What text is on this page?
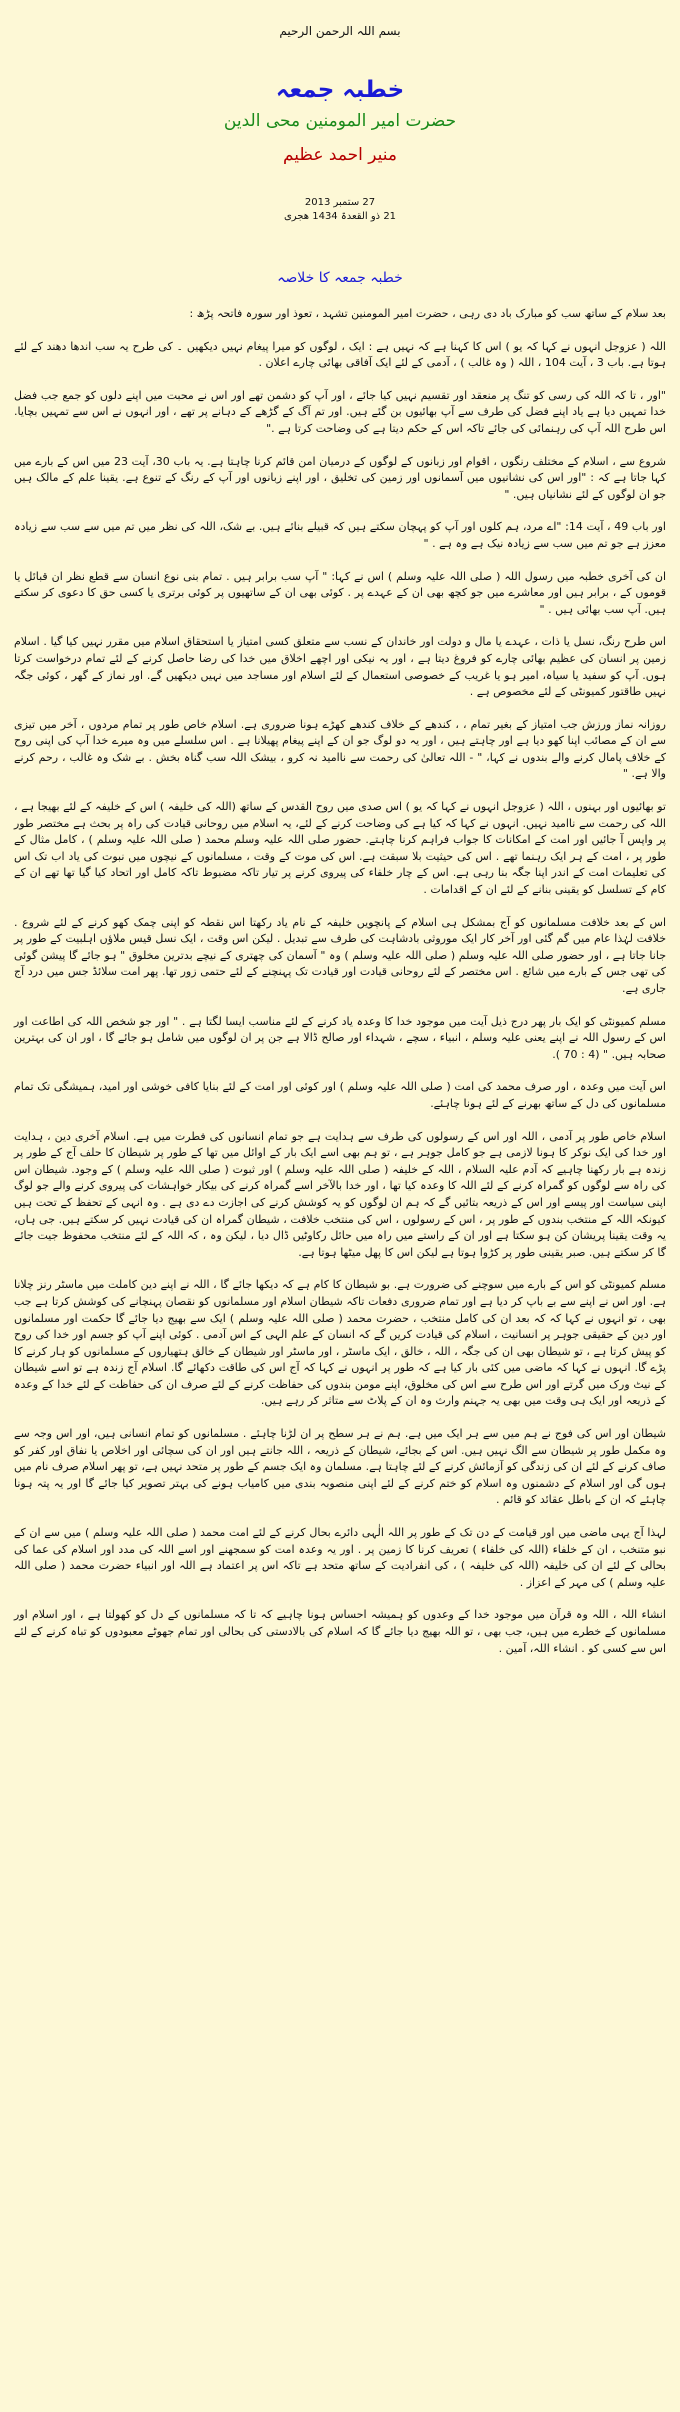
بسم اللہ الرحمن الرحیم
خطبہ جمعہ
حضرت امیر المومنین محی الدین
منیر احمد عظیم
27 ستمبر 2013
21 ذو القعدۃ 1434 ھجری
خطبہ جمعہ کا خلاصہ

بعد سلام کے ساتھ سب کو مبارک باد دی رہی ، حضرت امیر المومنین تشہد ، تعوذ اور سورہ فاتحہ پڑھ :

اللہ ( عزوجل انہوں نے کہا کہ یو ) اس کا کہنا ہے کہ نہیں ہے : ایک ، لوگوں کو میرا پیغام نہیں دیکھیں ۔ کی طرح یہ سب اندھا دھند کے لئے ہوتا ہے. باب 3 ، آیت 104 ، اللہ ( وہ غالب ) ، آدمی کے لئے ایک آفاقی بھائی چارے اعلان .

"اور ، تا کہ اللہ کی رسی کو تنگ پر منعقد اور تقسیم نہیں کیا جائے ، اور آپ کو دشمن تھے اور اس نے محبت میں اپنے دلوں کو جمع جب فضل خدا تمہیں دیا ہے یاد اپنے فضل کی طرف سے آپ بھائیوں بن گئے ہیں. اور تم آگ کے گڑھے کے دہانے پر تھے ، اور انہوں نے اس سے تمہیں بچایا. اس طرح اللہ آپ کی رہنمائی کی جائے تاکہ اس کے حکم دیتا ہے کی وضاحت کرتا ہے ."

شروع سے ، اسلام کے مختلف رنگوں ، اقوام اور زبانوں کے لوگوں کے درمیان امن قائم کرنا چاہتا ہے. یہ باب 30، آیت 23 میں اس کے بارے میں کہا جاتا ہے کہ : "اور اس کی نشانیوں میں آسمانوں اور زمین کی تخلیق ، اور اپنے زبانوں اور آپ کے رنگ کے تنوع ہے. یقینا علم کے مالک ہیں جو ان لوگوں کے لئے نشانیاں ہیں. "

اور باب 49 ، آیت 14: "اے مرد، ہم کلوں اور آپ کو پہچان سکتے ہیں کہ قبیلے بنائے ہیں. بے شک، اللہ کی نظر میں تم میں سے سب سے زیادہ معزز ہے جو تم میں سب سے زیادہ نیک ہے وہ ہے . "

ان کی آخری خطبہ میں رسول اللہ ( صلی اللہ علیہ وسلم ) اس نے کہا: " آپ سب برابر ہیں . تمام بنی نوع انسان سے قطع نظر ان قبائل یا قوموں کے ، برابر ہیں اور معاشرے میں جو کچھ بھی ان کے عہدے پر . کوئی بھی ان کے ساتھیوں پر کوئی برتری یا کسی حق کا دعوی کر سکتے ہیں. آپ سب بھائی ہیں . "

اس طرح رنگ، نسل یا ذات ، عہدے یا مال و دولت اور خاندان کے نسب سے متعلق کسی امتیاز یا استحقاق اسلام میں مقرر نہیں کیا گیا . اسلام زمین پر انسان کی عظیم بھائی چارے کو فروغ دیتا ہے ، اور یہ نیکی اور اچھے اخلاق میں خدا کی رضا حاصل کرنے کے لئے تمام درخواست کرتا ہوں. آپ کو سفید یا سیاہ، امیر ہو یا غریب کے خصوصی استعمال کے لئے اسلام اور مساجد میں نہیں دیکھیں گے. اور نماز کے گھر ، کوئی جگہ نہیں طاقتور کمیونٹی کے لئے مخصوص ہے .

روزانہ نماز ورزش جب امتیاز کے بغیر تمام ، ، کندھے کے خلاف کندھے کھڑے ہونا ضروری ہے. اسلام خاص طور پر تمام مردوں ، آخر میں تیزی سے ان کے مصائب اپنا کھو دیا ہے اور چاہتے ہیں ، اور یہ دو لوگ جو ان کے اپنے پیغام پھیلانا ہے . اس سلسلے میں وہ میرے خدا آپ کی اپنی روح کے خلاف پامال کرنے والے بندوں نے کہا، " - اللہ تعالیٰ کی رحمت سے ناامید نہ کرو ، بیشک اللہ سب گناہ بخش . بے شک وہ غالب ، رحم کرنے والا ہے. "

تو بھائیوں اور بہنوں ، اللہ ( عزوجل انہوں نے کہا کہ یو ) اس صدی میں روح القدس کے ساتھ (اللہ کی خلیفہ ) اس کے خلیفہ کے لئے بھیجا ہے ، اللہ کی رحمت سے ناامید نہیں. انہوں نے کہا کہ کیا ہے کی وضاحت کرنے کے لئے، یہ اسلام میں روحانی قیادت کی راہ پر بحث ہے مختصر طور پر واپس آ جائیں اور امت کے امکانات کا جواب فراہم کرنا چاہتے. حضور صلی اللہ علیہ وسلم محمد ( صلی اللہ علیہ وسلم ) ، کامل مثال کے طور پر ، امت کے ہر ایک رہنما تھے . اس کی حیثیت بلا سبقت ہے. اس کی موت کے وقت ، مسلمانوں کے نیچوں میں نبوت کی یاد اب تک اس کی تعلیمات امت کے اندر اپنا جگہ بنا رہی ہے. اس کے چار خلفاء کی پیروی کرنے پر تیار تاکہ مضبوط تاکہ کامل اور اتحاد کیا گیا تھا تھے ان کے کام کے تسلسل کو یقینی بنانے کے لئے ان کے اقدامات .

اس کے بعد خلافت مسلمانوں کو آج بمشکل ہی اسلام کے پانچویں خلیفہ کے نام یاد رکھتا اس نقطہ کو اپنی چمک کھو کرنے کے لئے شروع . خلافت لہٰذا عام میں گم گئی اور آخر کار ایک موروثی بادشاہت کی طرف سے تبدیل . لیکن اس وقت ، ایک نسل قیس ملاؤں اہلبیت کے طور پر جانا جاتا ہے ، اور حضور صلی اللہ علیہ وسلم ( صلی اللہ علیہ وسلم ) وہ " آسمان کی چھتری کے نیچے بدترین مخلوق " ہو جائے گا پیشن گوئی کی تھی جس کے بارے میں شائع . اس مختصر کے لئے روحانی قیادت اور قیادت تک پہنچنے کے لئے حتمی زور تھا. پھر امت سلائڈ جس میں درد آج جاری ہے.

مسلم کمیونٹی کو ایک بار پھر درج ذیل آیت میں موجود خدا کا وعدہ یاد کرنے کے لئے مناسب ایسا لگتا ہے . " اور جو شخص اللہ کی اطاعت اور اس کے رسول اللہ نے اپنے یعنی علیہ وسلم ، انبیاء ، سچے ، شہداء اور صالح ڈالا ہے جن پر ان لوگوں میں شامل ہو جائے گا ، اور ان کی بہترین صحابہ ہیں. " (4 : 70 ).

اس آیت میں وعدہ ، اور صرف محمد کی امت ( صلی اللہ علیہ وسلم ) اور کوئی اور امت کے لئے بنایا کافی خوشی اور امید، ہمیشگی تک تمام مسلمانوں کی دل کے ساتھ بھرنے کے لئے ہونا چاہئے.

اسلام خاص طور پر آدمی ، اللہ اور اس کے رسولوں کی طرف سے ہدایت ہے جو تمام انسانوں کی فطرت میں ہے. اسلام آخری دین ، ہدایت اور خدا کی ایک نوکر کا ہونا لازمی ہے جو کامل جوہر ہے ، تو ہم بھی اسے ایک بار کے اوائل میں تھا کے طور پر شیطان کا حلف آج کے طور پر زندہ ہے بار رکھنا چاہیے کہ آدم علیہ السلام ، اللہ کے خلیفہ ( صلی اللہ علیہ وسلم ) اور ثبوت ( صلی اللہ علیہ وسلم ) کے وجود. شیطان اس کی راہ سے لوگوں کو گمراہ کرنے کے لئے اللہ کا وعدہ کیا تھا ، اور خدا بالآخر اسے گمراہ کرنے کی بیکار خواہشات کی پیروی کرنے والے جو لوگ اپنی سیاست اور پیسے اور اس کے ذریعہ بتائیں گے کہ ہم ان لوگوں کو یہ کوشش کرنے کی اجازت دے دی ہے . وہ انہی کے تحفظ کے تحت ہیں کیونکہ اللہ کے منتخب بندوں کے طور پر ، اس کے رسولوں ، اس کی منتخب خلافت ، شیطان گمراہ ان کی قیادت نہیں کر سکتے ہیں. جی ہاں، یہ وقت یقینا پریشان کن ہو سکتا ہے اور ان کے راستے میں راہ میں حائل رکاوٹیں ڈال دیا ، لیکن وہ ، کہ اللہ کے لئے منتخب محفوظ جیت جائے گا کر سکتے ہیں. صبر یقینی طور پر کڑوا ہوتا ہے لیکن اس کا پھل میٹھا ہوتا ہے.

مسلم کمیونٹی کو اس کے بارے میں سوچنے کی ضرورت ہے. بو شیطان کا کام ہے کہ دیکھا جائے گا ، اللہ نے اپنے دین کاملت میں ماسٹر رنز چلانا ہے. اور اس نے اپنے سے بے باپ کر دیا ہے اور تمام ضروری دفعات تاکہ شیطان اسلام اور مسلمانوں کو نقصان پہنچانے کی کوشش کرتا ہے جب بھی ، تو انہوں نے کہا کہ کہ بعد ان کی کامل منتخب ، حضرت محمد ( صلی اللہ علیہ وسلم ) ایک سے بھیج دیا جائے گا حکمت اور مسلمانوں اور دین کے حقیقی جوہر پر انسانیت ، اسلام کی قیادت کریں گے کہ انسان کے علم الہی کے اس آدمی . کوئی اپنے آپ کو جسم اور خدا کی روح کو پیش کرتا ہے ، تو شیطان بھی ان کی جگہ ، اللہ ، خالق ، ایک ماسٹر ، اور ماسٹر اور شیطان کے خالق ہتھیاروں کے مسلمانوں کو ہار کرنے کا پڑے گا. انہوں نے کہا کہ ماضی میں کئی بار کیا ہے کہ طور پر انہوں نے کہا کہ آج اس کی طاقت دکھائے گا. اسلام آج زندہ ہے تو اسے شیطان کے نیٹ ورک میں گرتے اور اس طرح سے اس کی مخلوق، اپنے مومن بندوں کی حفاظت کرنے کے لئے صرف ان کی حفاظت کے لئے خدا کے وعدہ کے ذریعہ اور ایک ہی وقت میں بھی یہ جہنم وارث وہ ان کے پلاٹ سے متاثر کر رہے ہیں.

شیطان اور اس کی فوج نے ہم میں سے ہر ایک میں ہے. ہم نے ہر سطح پر ان لڑنا چاہئے . مسلمانوں کو تمام انسانی ہیں، اور اس وجہ سے وہ مکمل طور پر شیطان سے الگ نہیں ہیں. اس کے بجائے، شیطان کے ذریعہ ، اللہ جانتے ہیں اور ان کی سچائی اور اخلاص یا نفاق اور کفر کو صاف کرنے کے لئے ان کی زندگی کو آزمائش کرنے کے لئے چاہتا ہے. مسلمان وہ ایک جسم کے طور پر متحد نہیں ہے، تو پھر اسلام صرف نام میں ہوں گی اور اسلام کے دشمنوں وہ اسلام کو ختم کرنے کے لئے اپنی منصوبہ بندی میں کامیاب ہونے کی بہتر تصویر کیا جائے گا اور یہ پتہ ہونا چاہئے کہ ان کے باطل عقائد کو قائم .

لہذا آج یہی ماضی میں اور قیامت کے دن تک کے طور پر اللہ الٰہی دائرے بحال کرنے کے لئے امت محمد ( صلی اللہ علیہ وسلم ) میں سے ان کے نبو متنخب ، ان کے خلفاء (اللہ کی خلفاء ) تعریف کرنا کا زمین پر . اور یہ وعدہ امت کو سمجھنے اور اسے اللہ کی مدد اور اسلام کی عما کی بحالی کے لئے ان کی خلیفہ (اللہ کی خلیفہ ) ، کی انفرادیت کے ساتھ متحد ہے تاکہ اس پر اعتماد ہے اللہ اور انبیاء حضرت محمد ( صلی اللہ علیہ وسلم ) کی مہر کے اعزاز .

انشاء اللہ ، اللہ وہ قرآن میں موجود خدا کے وعدوں کو ہمیشہ احساس ہونا چاہیے کہ تا کہ مسلمانوں کے دل کو کھولتا ہے ، اور اسلام اور مسلمانوں کے خطرے میں ہیں، جب بھی ، تو اللہ بھیج دیا جائے گا کہ اسلام کی بالادستی کی بحالی اور تمام جھوٹے معبودوں کو تباہ کرنے کے لئے اس سے کسی کو . انشاء اللہ، آمین .
